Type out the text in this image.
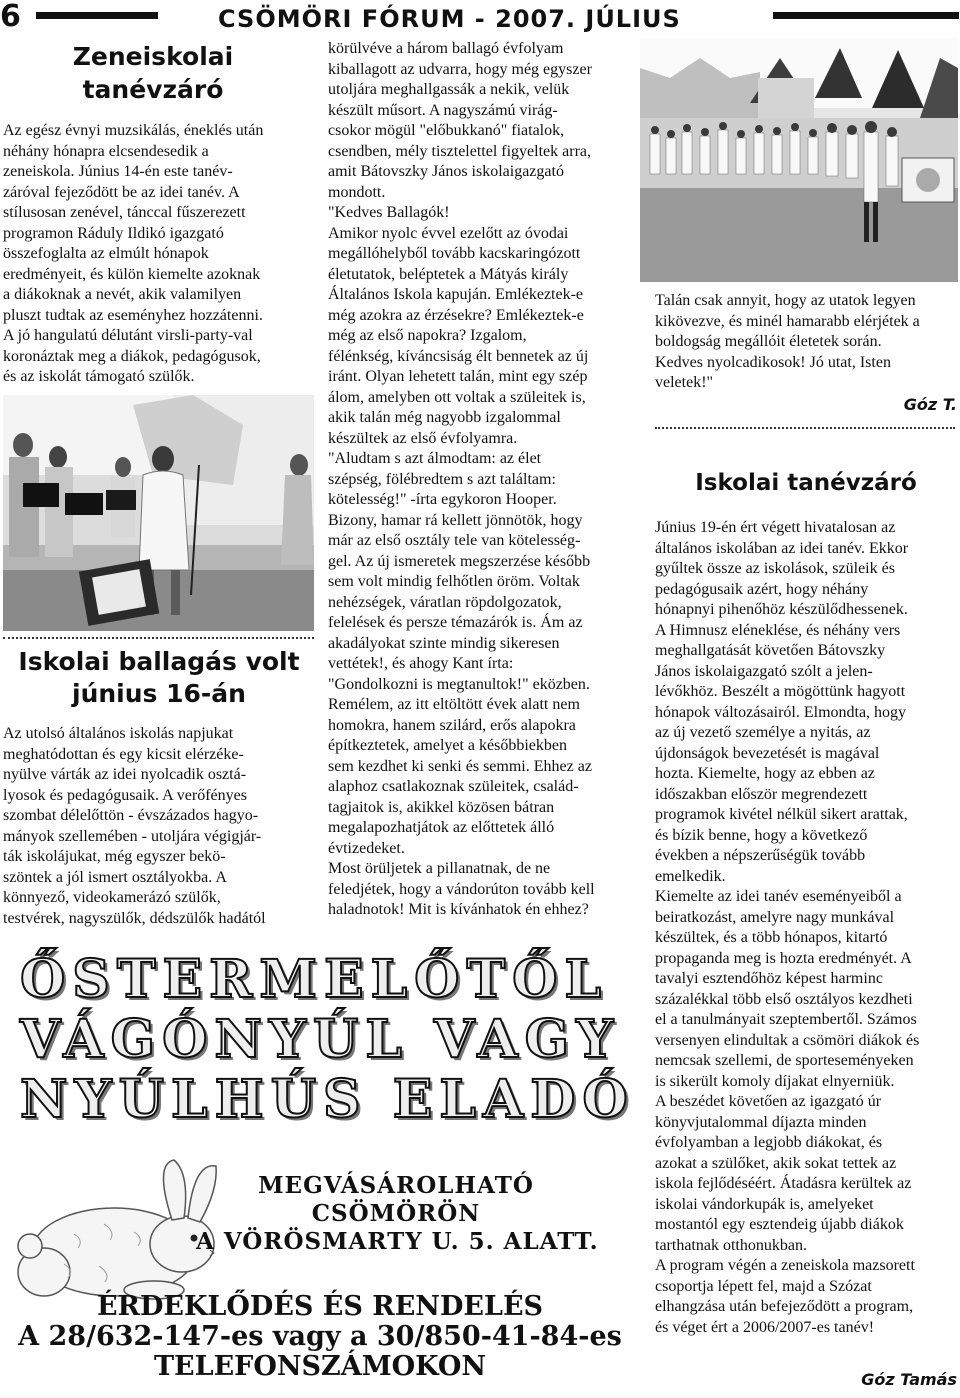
6	CSÖMÖRI FÓRUM - 2007. JÚLIUS
Zeneiskolai
tanévzáró

Az egész évnyi muzsikálás, éneklés után

néhány hónapra elcsendesedik a

zeneiskola. Június 14-én este tanév-

záróval fejeződött be az idei tanév. A

stílusosan zenével, tánccal fűszerezett

programon Ráduly Ildikó igazgató

összefoglalta az elmúlt hónapok

eredményeit, és külön kiemelte azoknak

a diákoknak a nevét, akik valamilyen

pluszt tudtak az eseményhez hozzátenni.

A jó hangulatú délutánt virsli-party-val

koronáztak meg a diákok, pedagógusok,

és az iskolát támogató szülők.

Iskolai ballagás volt
június 16-án

Az utolsó általános iskolás napjukat

meghatódottan és egy kicsit elérzéke-

nyülve várták az idei nyolcadik osztá-

lyosok és pedagógusaik. A verőfényes

szombat délelőttön - évszázados hagyo-

mányok szellemében - utoljára végigjár-

ták iskolájukat, még egyszer bekö-

szöntek a jól ismert osztályokba. A

könnyező, videokamerázó szülők,

testvérek, nagyszülők, dédszülők hadától

körülvéve a három ballagó évfolyam

kiballagott az udvarra, hogy még egyszer

utoljára meghallgassák a nekik, velük

készült műsort. A nagyszámú virág-

csokor mögül "előbukkanó" fiatalok,

csendben, mély tisztelettel figyeltek arra,

amit Bátovszky János iskolaigazgató

mondott.

"Kedves Ballagók!

Amikor nyolc évvel ezelőtt az óvodai

megállóhelyből tovább kacskaringózott

életutatok, beléptetek a Mátyás király

Általános Iskola kapuján. Emlékeztek-e

még azokra az érzésekre? Emlékeztek-e

még az első napokra? Izgalom,

félénkség, kíváncsiság élt bennetek az új

iránt. Olyan lehetett talán, mint egy szép

álom, amelyben ott voltak a szüleitek is,

akik talán még nagyobb izgalommal

készültek az első évfolyamra.

"Aludtam s azt álmodtam: az élet

szépség, fölébredtem s azt találtam:

kötelesség!" -írta egykoron Hooper.

Bizony, hamar rá kellett jönnötök, hogy

már az első osztály tele van kötelesség-

gel. Az új ismeretek megszerzése később

sem volt mindig felhőtlen öröm. Voltak

nehézségek, váratlan röpdolgozatok,

felelések és persze témazárók is. Ám az

akadályokat szinte mindig sikeresen

vettétek!, és ahogy Kant írta:

"Gondolkozni is megtanultok!" eközben.

Remélem, az itt eltöltött évek alatt nem

homokra, hanem szilárd, erős alapokra

építkeztetek, amelyet a későbbiekben

sem kezdhet ki senki és semmi. Ehhez az

alaphoz csatlakoznak szüleitek, család-

tagjaitok is, akikkel közösen bátran

megalapozhatjátok az előttetek álló

évtizedeket.

Most örüljetek a pillanatnak, de ne

feledjétek, hogy a vándorúton tovább kell

haladnotok! Mit is kívánhatok én ehhez?

Talán csak annyit, hogy az utatok legyen

kikövezve, és minél hamarabb elérjétek a

boldogság megállóit életetek során.

Kedves nyolcadikosok! Jó utat, Isten

veletek!"

Góz T.
Iskolai tanévzáró

Június 19-én ért végett hivatalosan az

általános iskolában az idei tanév. Ekkor

gyűltek össze az iskolások, szüleik és

pedagógusaik azért, hogy néhány

hónapnyi pihenőhöz készülődhessenek.

A Himnusz eléneklése, és néhány vers

meghallgatását követően Bátovszky

János iskolaigazgató szólt a jelen-

lévőkhöz. Beszélt a mögöttünk hagyott

hónapok változásairól. Elmondta, hogy

az új vezető személye a nyitás, az

újdonságok bevezetését is magával

hozta. Kiemelte, hogy az ebben az

időszakban először megrendezett

programok kivétel nélkül sikert arattak,

és bízik benne, hogy a következő

években a népszerűségük tovább

emelkedik.

Kiemelte az idei tanév eseményeiből a

beiratkozást, amelyre nagy munkával

készültek, és a több hónapos, kitartó

propaganda meg is hozta eredményét. A

tavalyi esztendőhöz képest harminc

százalékkal több első osztályos kezdheti

el a tanulmányait szeptembertől. Számos

versenyen elindultak a csömöri diákok és

nemcsak szellemi, de sporteseményeken

is sikerült komoly díjakat elnyerniük.

A beszédet követően az igazgató úr

könyvjutalommal díjazta minden

évfolyamban a legjobb diákokat, és

azokat a szülőket, akik sokat tettek az

iskola fejlődéséért. Átadásra kerültek az

iskolai vándorkupák is, amelyeket

mostantól egy esztendeig újabb diákok

tarthatnak otthonukban.

A program végén a zeneiskola mazsorett

csoportja lépett fel, majd a Szózat

elhangzása után befejeződött a program,

és véget ért a 2006/2007-es tanév!

Góz Tamás
ŐSTERMELŐTŐL
VÁGÓNYÚL VAGY
NYÚLHÚS ELADÓ
MEGVÁSÁROLHATÓ
CSÖMÖRÖN
A VÖRÖSMARTY U. 5. ALATT.
ÉRDEKLŐDÉS ÉS RENDELÉS
A 28/632-147-es vagy a 30/850-41-84-es
TELEFONSZÁMOKON
